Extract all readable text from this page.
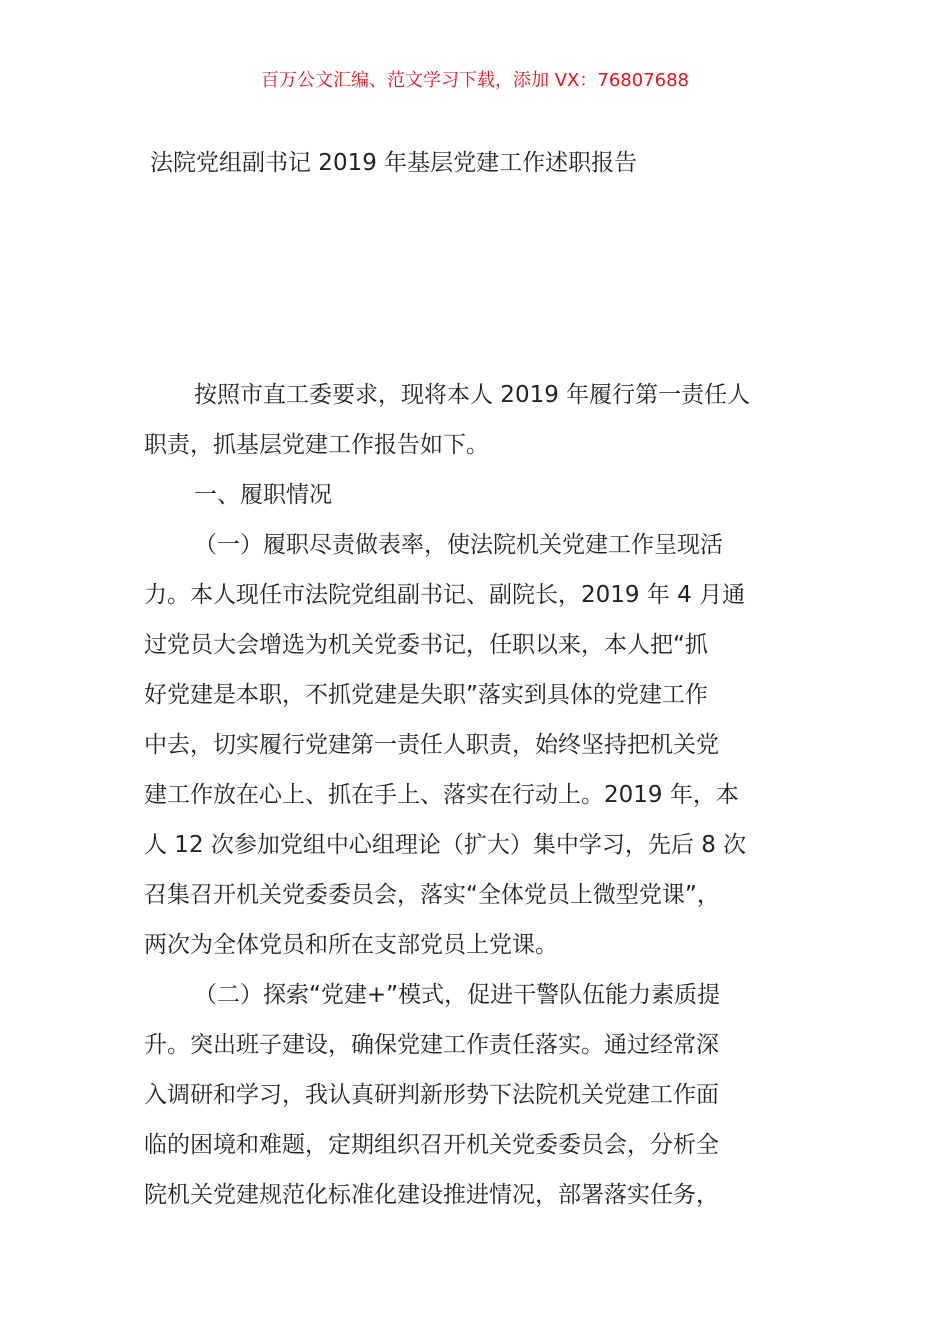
百万公文汇编、范文学习下载，添加 VX：76807688
法院党组副书记 2019 年基层党建工作述职报告
按照市直工委要求，现将本人 2019 年履行第一责任人
职责，抓基层党建工作报告如下。
一、履职情况
（一）履职尽责做表率，使法院机关党建工作呈现活
力。本人现任市法院党组副书记、副院长，2019 年 4 月通
过党员大会增选为机关党委书记，任职以来，本人把“抓
好党建是本职，不抓党建是失职”落实到具体的党建工作
中去，切实履行党建第一责任人职责，始终坚持把机关党
建工作放在心上、抓在手上、落实在行动上。2019 年，本
人 12 次参加党组中心组理论（扩大）集中学习，先后 8 次
召集召开机关党委委员会，落实“全体党员上微型党课”，
两次为全体党员和所在支部党员上党课。
（二）探索“党建+”模式，促进干警队伍能力素质提
升。突出班子建设，确保党建工作责任落实。通过经常深
入调研和学习，我认真研判新形势下法院机关党建工作面
临的困境和难题，定期组织召开机关党委委员会，分析全
院机关党建规范化标准化建设推进情况，部署落实任务，
